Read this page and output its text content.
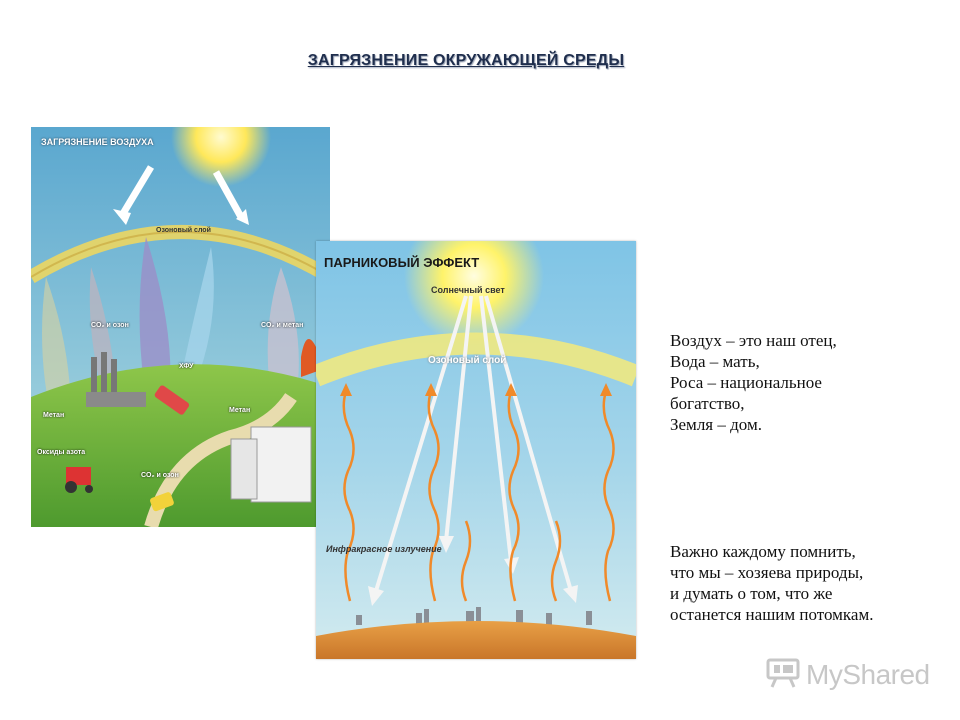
ЗАГРЯЗНЕНИЕ ОКРУЖАЮЩЕЙ СРЕДЫ
ЗАГРЯЗНЕНИЕ ВОЗДУХА
Озоновый слой
CO₂ и озон	CO₂ и метан
ХФУ
Метан
Метан
Оксиды азота
CO₂ и озон
ПАРНИКОВЫЙ ЭФФЕКТ
Солнечный свет
Озоновый слой
Инфракрасное излучение
Воздух – это наш отец,
Вода – мать,
Роса – национальное
богатство,
Земля – дом.
Важно каждому помнить,
что мы – хозяева природы,
и думать о том, что же
останется нашим потомкам.
MyShared
